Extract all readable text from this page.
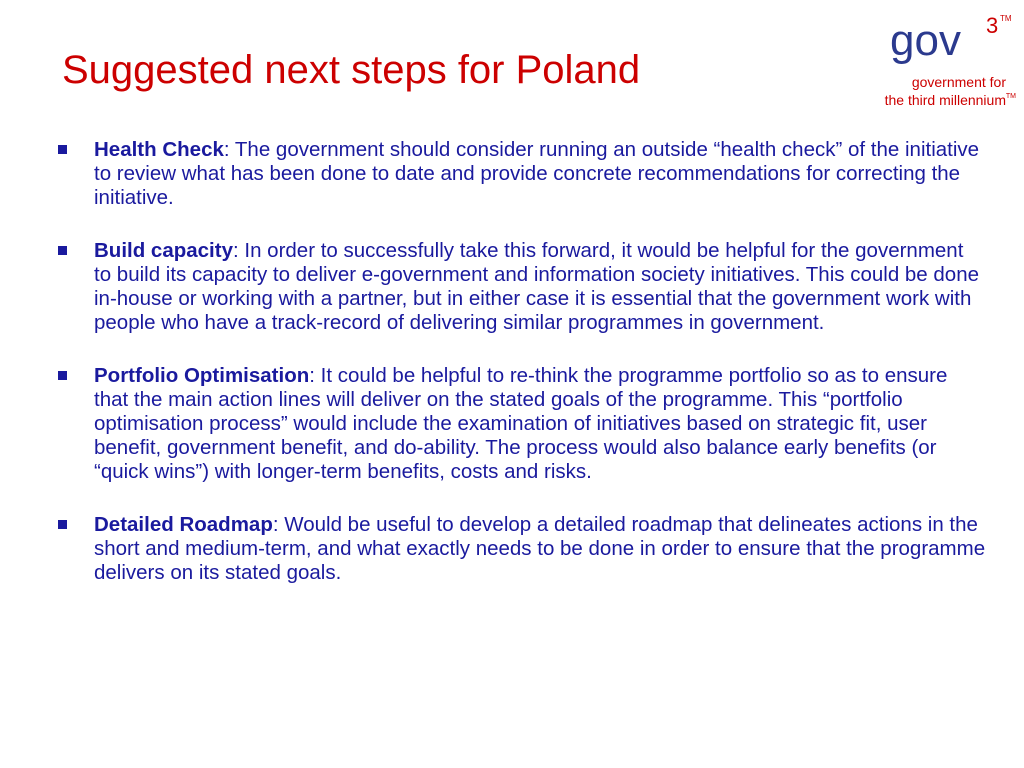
Suggested next steps for Poland
gov 3 TM
government for
the third millennium TM
Health Check: The government should consider running an outside “health check” of the initiative to review what has been done to date and provide concrete recommendations for correcting the initiative.
Build capacity: In order to successfully take this forward, it would be helpful for the government to build its capacity to deliver e-government and information society initiatives. This could be done in-house or working with a partner, but in either case it is essential that the government work with people who have a track-record of delivering similar programmes in government.
Portfolio Optimisation: It could be helpful to re-think the programme portfolio so as to ensure that the main action lines will deliver on the stated goals of the programme. This “portfolio optimisation process” would include the examination of initiatives based on strategic fit, user benefit, government benefit, and do-ability. The process would also balance early benefits (or “quick wins”) with longer-term benefits, costs and risks.
Detailed Roadmap: Would be useful to develop a detailed roadmap that delineates actions in the short and medium-term, and what exactly needs to be done in order to ensure that the programme delivers on its stated goals.
